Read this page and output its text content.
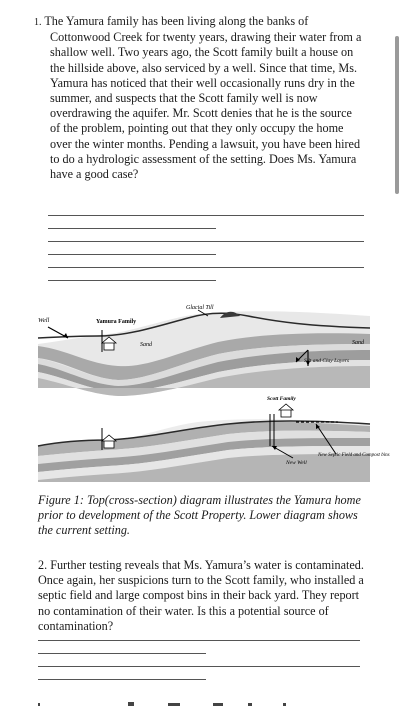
1. The Yamura family has been living along the banks of Cottonwood Creek for twenty years, drawing their water from a shallow well. Two years ago, the Scott family built a house on the hillside above, also serviced by a well. Since that time, Ms. Yamura has noticed that their well occasionally runs dry in the summer, and suspects that the Scott family well is now overdrawing the aquifer. Mr. Scott denies that he is the source of the problem, pointing out that they only occupy the home over the winter months. Pending a lawsuit, you have been hired to do a hydrologic assessment of the setting. Does Ms. Yamura have a good case?

Well	Yamura Family
Glacial Till
Sand	Sand
Silt and Clay Layers
Scott Family
New Well
New Septic Field and Compost bins
Figure 1: Top(cross-section) diagram illustrates the Yamura home prior to development of the Scott Property. Lower diagram shows the current setting.
2. Further testing reveals that Ms. Yamura’s water is contaminated. Once again, her suspicions turn to the Scott family, who installed a septic field and large compost bins in their back yard. They report no contamination of their water. Is this a potential source of contamination?
